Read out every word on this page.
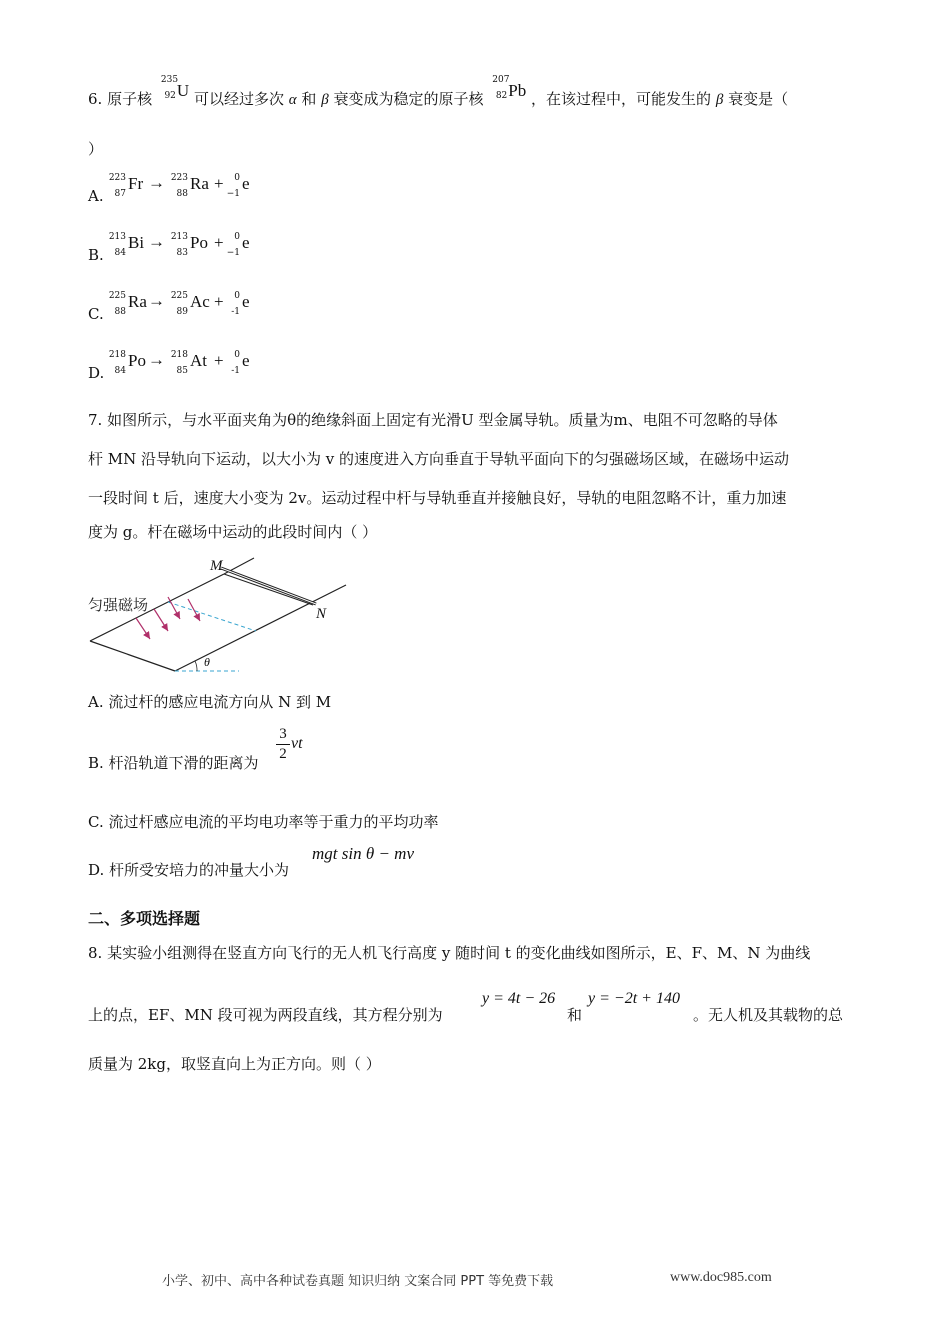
6. 原子核
235
92 U 可以经过多次 α 和 β 衰变成为稳定的原子核
207
82 Pb ，在该过程中，可能发生的 β 衰变是（
）
A.
223
87
Fr → 223
88
Ra +	0
−1
e
B.
213
84
Bi → 213
83
Po +	0
−1
e
C.
225
88
Ra → 225
89
Ac +	0
-1
e
D.
218
84
Po → 218
85
At +	0
-1
e
7. 如图所示，与水平面夹角为θ的绝缘斜面上固定有光滑U 型金属导轨。质量为m、电阻不可忽略的导体
杆 MN 沿导轨向下运动，以大小为 v 的速度进入方向垂直于导轨平面向下的匀强磁场区域，在磁场中运动
一段时间 t 后，速度大小变为 2v。运动过程中杆与导轨垂直并接触良好，导轨的电阻忽略不计，重力加速
度为 g。杆在磁场中运动的此段时间内（ ）
匀强磁场
M
N
θ
A. 流过杆的感应电流方向从 N 到 M
B. 杆沿轨道下滑的距离为
3
2
vt
C. 流过杆感应电流的平均电功率等于重力的平均功率
D. 杆所受安培力的冲量大小为
mgt sin θ − mv
二、多项选择题
8. 某实验小组测得在竖直方向飞行的无人机飞行高度 y 随时间 t 的变化曲线如图所示，E、F、M、N 为曲线
上的点，EF、MN 段可视为两段直线，其方程分别为
y = 4t − 26
和
y = −2t + 140
。无人机及其载物的总
质量为 2kg，取竖直向上为正方向。则（ ）
小学、初中、高中各种试卷真题 知识归纳 文案合同 PPT 等免费下载	www.doc985.com
